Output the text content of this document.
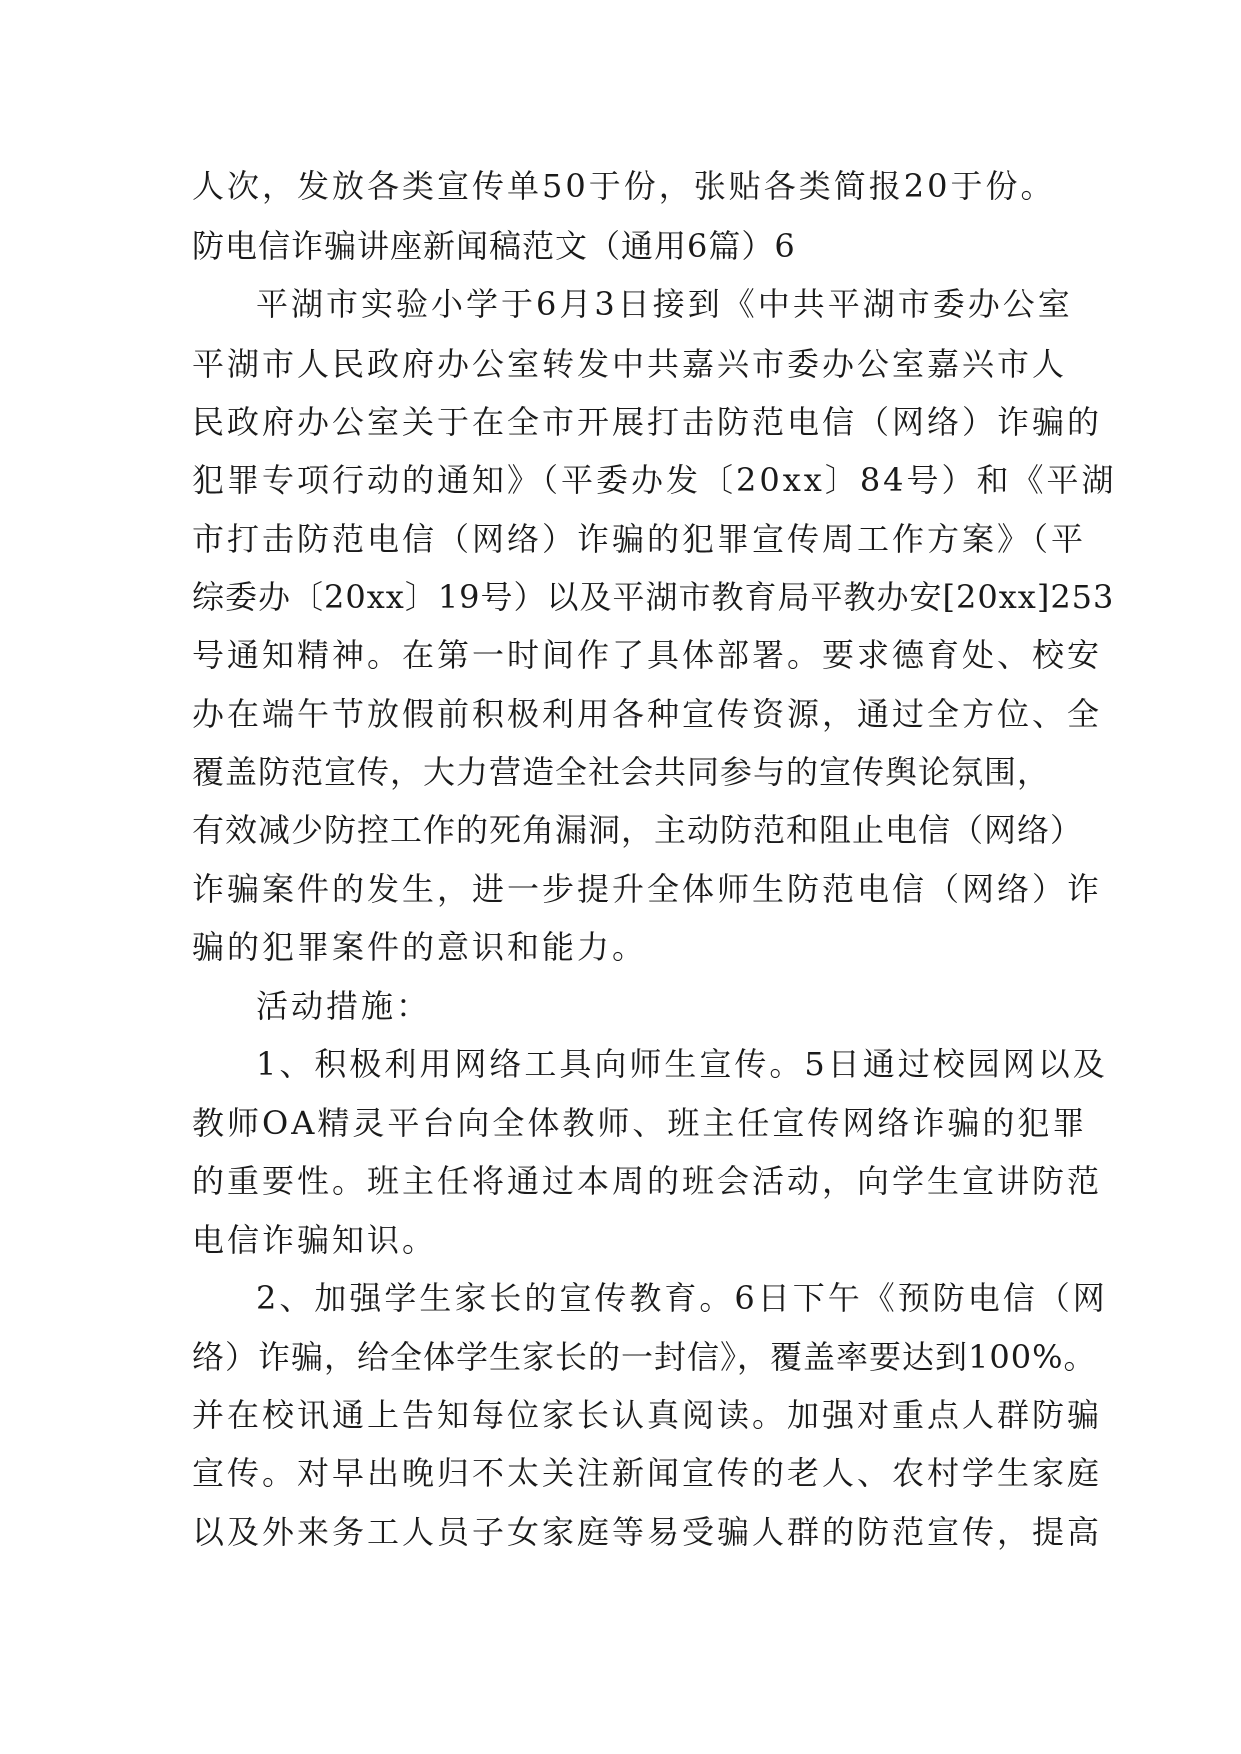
人次，发放各类宣传单50于份，张贴各类简报20于份。
防电信诈骗讲座新闻稿范文（通用6篇）6
平湖市实验小学于6月3日接到《中共平湖市委办公室
平湖市人民政府办公室转发中共嘉兴市委办公室嘉兴市人
民政府办公室关于在全市开展打击防范电信（网络）诈骗的
犯罪专项行动的通知》（平委办发〔20xx〕84号）和《平湖
市打击防范电信（网络）诈骗的犯罪宣传周工作方案》（平
综委办〔20xx〕19号）以及平湖市教育局平教办安[20xx]253
号通知精神。在第一时间作了具体部署。要求德育处、校安
办在端午节放假前积极利用各种宣传资源，通过全方位、全
覆盖防范宣传，大力营造全社会共同参与的宣传舆论氛围，
有效减少防控工作的死角漏洞，主动防范和阻止电信（网络）
诈骗案件的发生，进一步提升全体师生防范电信（网络）诈
骗的犯罪案件的意识和能力。
活动措施：
1、积极利用网络工具向师生宣传。5日通过校园网以及
教师OA精灵平台向全体教师、班主任宣传网络诈骗的犯罪
的重要性。班主任将通过本周的班会活动，向学生宣讲防范
电信诈骗知识。
2、加强学生家长的宣传教育。6日下午《预防电信（网
络）诈骗，给全体学生家长的一封信》，覆盖率要达到100%。
并在校讯通上告知每位家长认真阅读。加强对重点人群防骗
宣传。对早出晚归不太关注新闻宣传的老人、农村学生家庭
以及外来务工人员子女家庭等易受骗人群的防范宣传，提高
